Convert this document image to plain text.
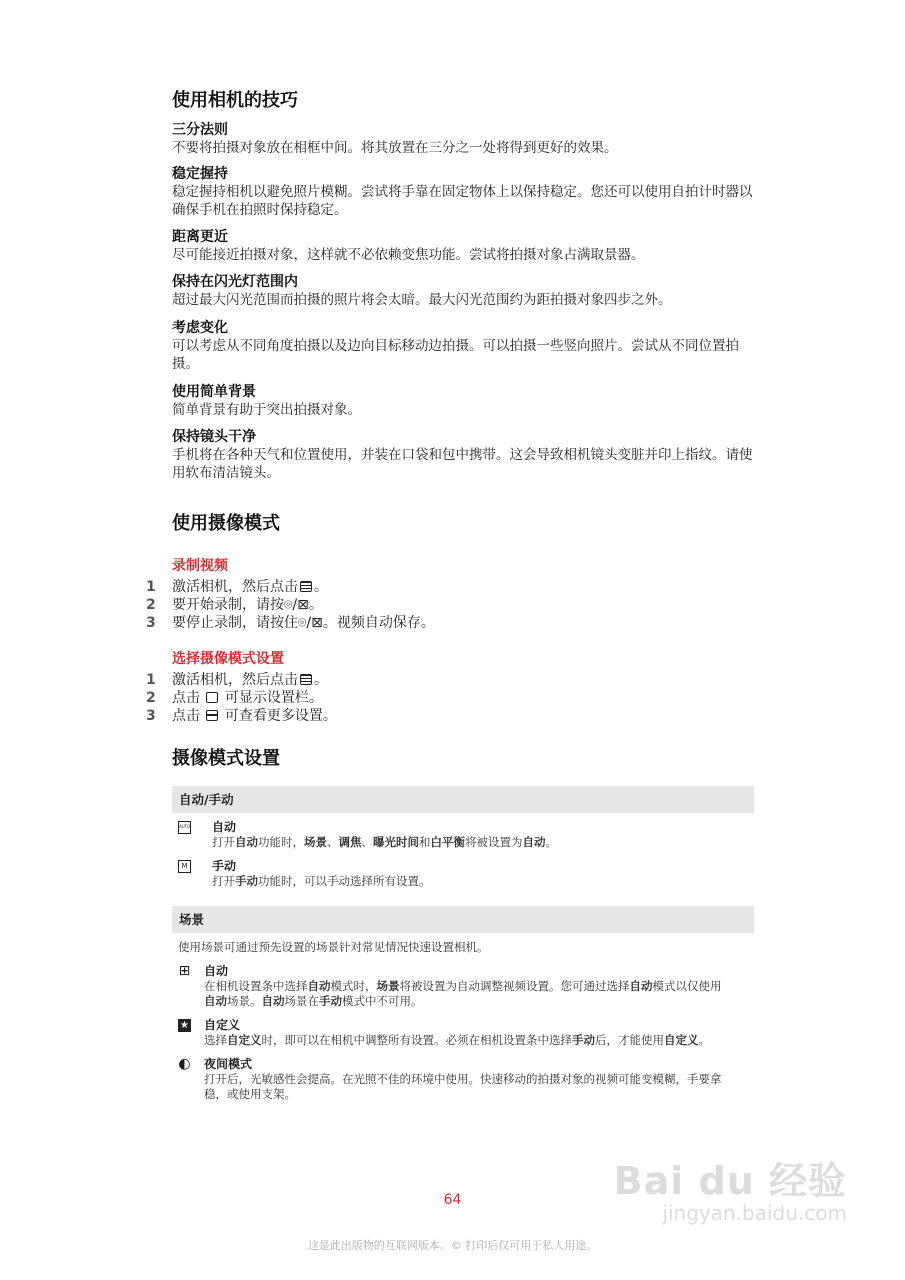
使用相机的技巧
三分法则
不要将拍摄对象放在相框中间。将其放置在三分之一处将得到更好的效果。
稳定握持
稳定握持相机以避免照片模糊。尝试将手靠在固定物体上以保持稳定。您还可以使用自拍计时器以确保手机在拍照时保持稳定。
距离更近
尽可能接近拍摄对象，这样就不必依赖变焦功能。尝试将拍摄对象占满取景器。
保持在闪光灯范围内
超过最大闪光范围而拍摄的照片将会太暗。最大闪光范围约为距拍摄对象四步之外。
考虑变化
可以考虑从不同角度拍摄以及边向目标移动边拍摄。可以拍摄一些竖向照片。尝试从不同位置拍摄。
使用简单背景
简单背景有助于突出拍摄对象。
保持镜头干净
手机将在各种天气和位置使用，并装在口袋和包中携带。这会导致相机镜头变脏并印上指纹。请使用软布清洁镜头。
使用摄像模式
录制视频
1 激活相机，然后点击 。
2 要开始录制，请按⌾/⊠。
3 要停止录制，请按住⌾/⊠。视频自动保存。
选择摄像模式设置
1 激活相机，然后点击 。
2 点击  可显示设置栏。
3 点击  可查看更多设置。
摄像模式设置
自动/手动
AUTO 自动
打开自动功能时，场景、调焦、曝光时间和白平衡将被设置为自动。
M 手动
打开手动功能时，可以手动选择所有设置。
场景
使用场景可通过预先设置的场景针对常见情况快速设置相机。
⊞ 自动
在相机设置条中选择自动模式时，场景将被设置为自动调整视频设置。您可通过选择自动模式以仅使用
自动场景。自动场景在手动模式中不可用。
★ 自定义
选择自定义时，即可以在相机中调整所有设置。必须在相机设置条中选择手动后，才能使用自定义。
◐ 夜间模式
打开后，光敏感性会提高。在光照不佳的环境中使用。快速移动的拍摄对象的视频可能变模糊，手要拿稳，或使用支架。
64	Bai du 经验
jingyan.baidu.com
这是此出版物的互联网版本。© 打印后仅可用于私人用途。
